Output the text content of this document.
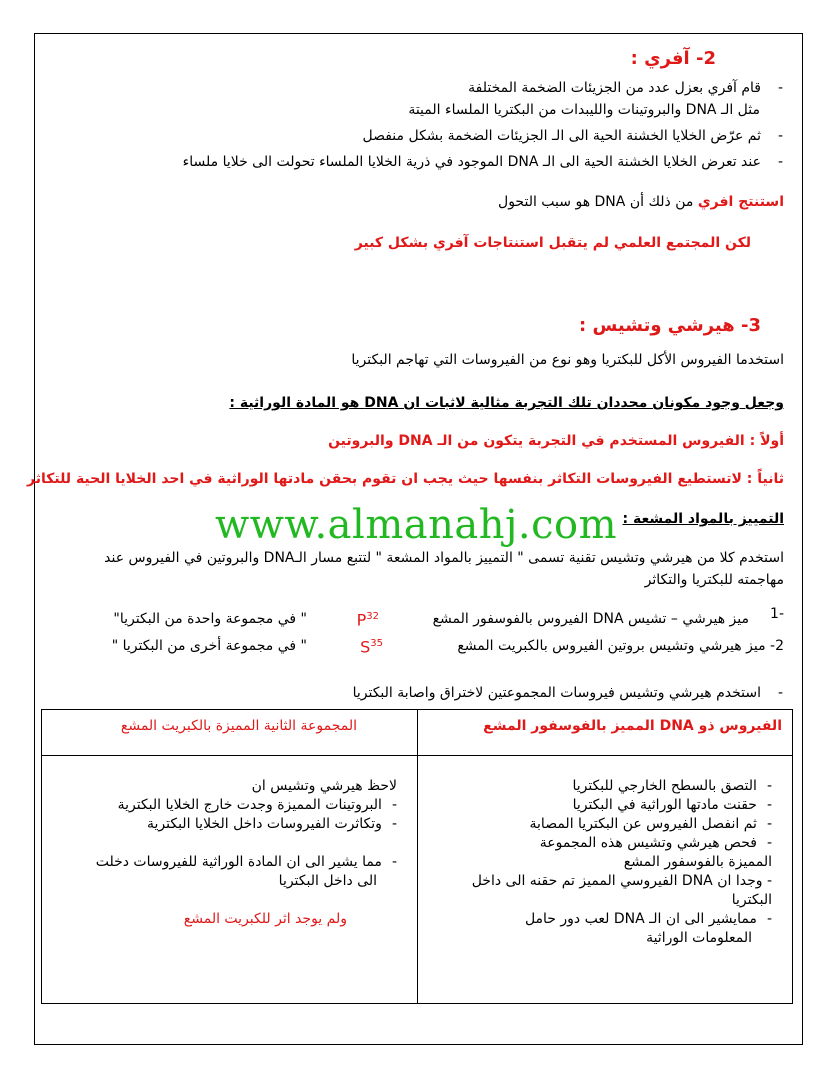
2- آفري :
- قام آفري بعزل عدد من الجزيئات الضخمة المختلفة
مثل الـ DNA والبروتينات والليبدات من البكتريا الملساء الميتة
- ثم عرّض الخلايا الخشنة الحية الى الـ الجزيئات الضخمة بشكل منفصل
- عند تعرض الخلايا الخشنة الحية الى الـ DNA الموجود في ذرية الخلايا الملساء تحولت الى خلايا ملساء
استنتج افري من ذلك أن DNA هو سبب التحول
لكن المجتمع العلمي لم يتقبل استنتاجات آفري بشكل كبير
3- هيرشي وتشيس :
استخدما الفيروس الأكل للبكتريا وهو نوع من الفيروسات التي تهاجم البكتريا
وجعل وجود مكونان محددان تلك التجربة مثالية لاثبات ان DNA هو المادة الوراثية :
أولاً : الفيروس المستخدم في التجربة يتكون من الـ DNA والبروتين
ثانياً : لاتستطيع الفيروسات التكاثر بنفسها حيث يجب ان تقوم بحقن مادتها الوراثية في احد الخلايا الحية للتكاثر
www.almanahj.com التمييز بالمواد المشعة :
استخدم كلا من هيرشي وتشيس تقنية تسمى " التمييز بالمواد المشعة " لتتبع مسار الـDNA والبروتين في الفيروس عند
مهاجمته للبكتريا والتكاثر
-1
ميز هيرشي – تشيس DNA الفيروس بالفوسفور المشع
$P^{32}$
" في مجموعة واحدة من البكتريا"
2- ميز هيرشي وتشيس بروتين الفيروس بالكبريت المشع
$S^{35}$
" في مجموعة أخرى من البكتريا "
- استخدم هيرشي وتشيس فيروسات المجموعتين لاختراق واصابة البكتريا
الفيروس ذو DNA المميز بالفوسفور المشع
المجموعة الثانية المميزة بالكبريت المشع
- التصق بالسطح الخارجي للبكتريا
- حقنت مادتها الوراثية في البكتريا
- ثم انفصل الفيروس عن البكتريا المصابة
- فحص هيرشي وتشيس هذه المجموعة
المميزة بالفوسفور المشع
- وجدا ان DNA الفيروسي المميز تم حقنه الى داخل
البكتريا
- ممايشير الى ان الـ DNA لعب دور حامل
المعلومات الوراثية
لاحظ هيرشي وتشيس ان
- البروتينات المميزة وجدت خارج الخلايا البكترية
- وتكاثرت الفيروسات داخل الخلايا البكترية
- مما يشير الى ان المادة الوراثية للفيروسات دخلت
الى داخل البكتريا
ولم يوجد اثر للكبريت المشع
